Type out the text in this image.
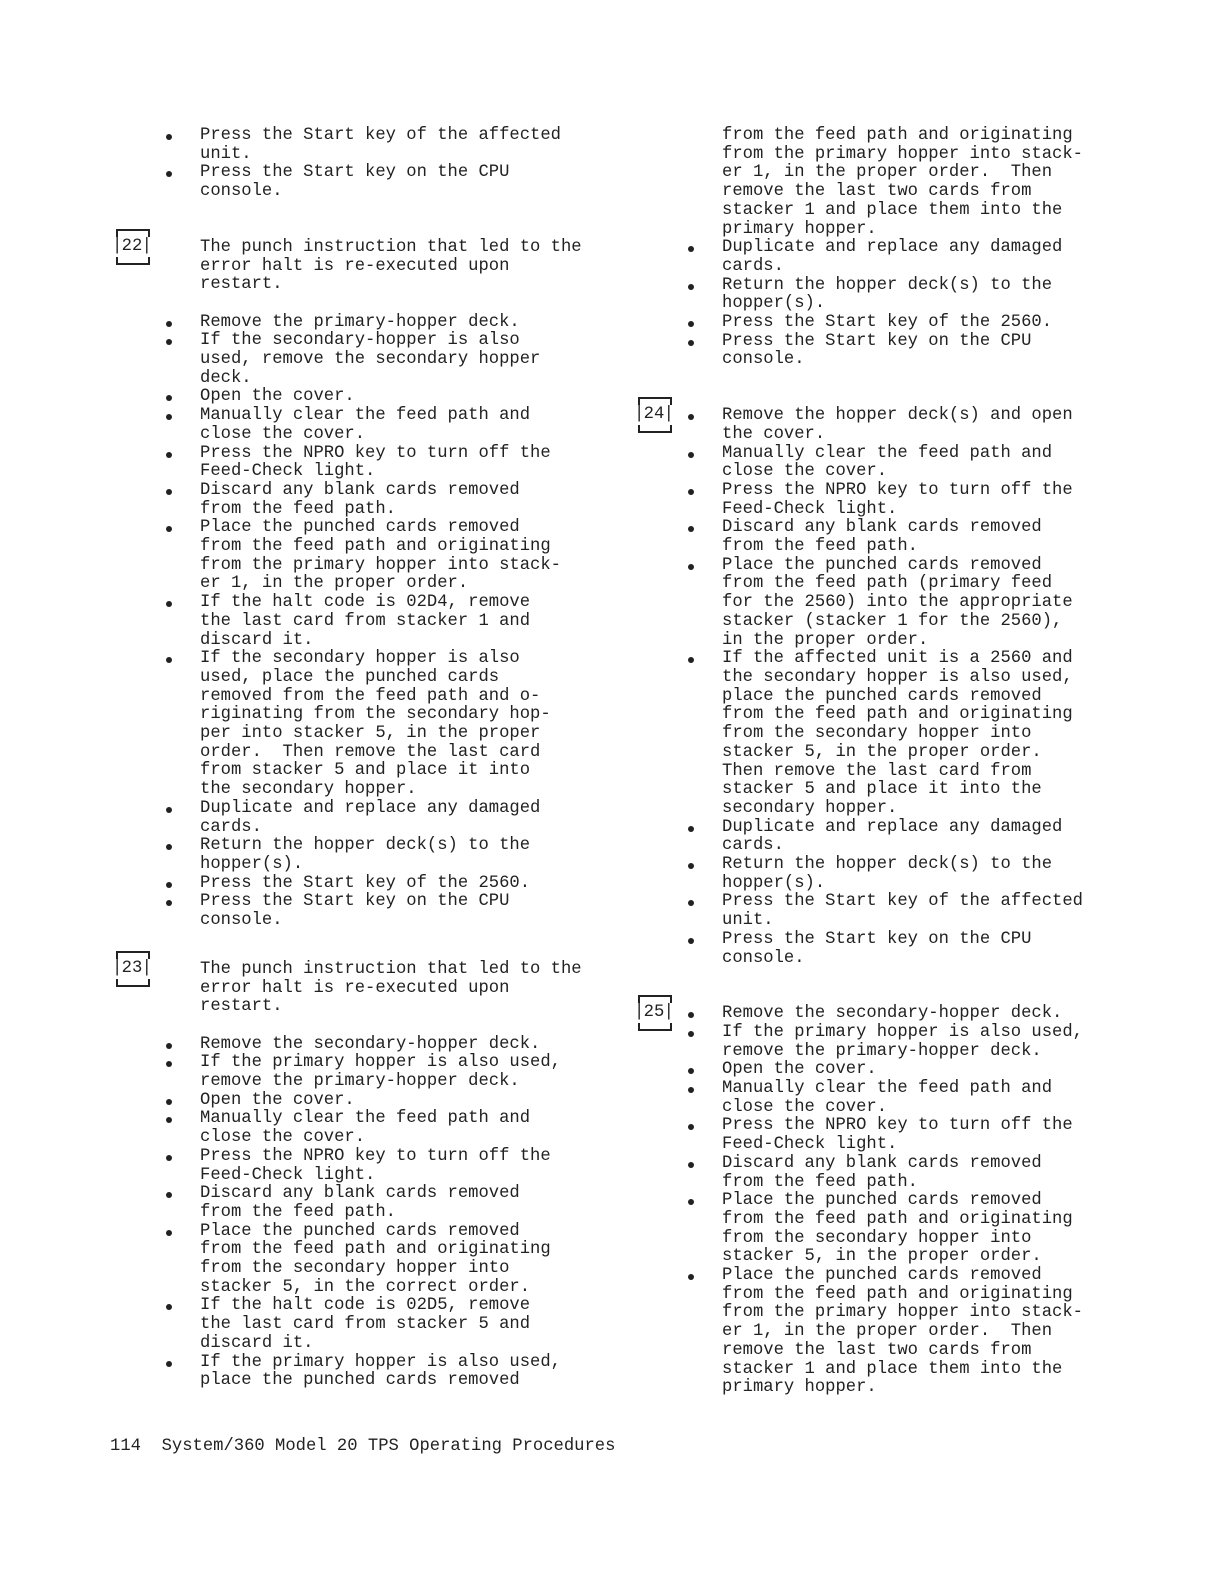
Press the Start key of the affected
unit.
Press the Start key on the CPU
console.
| 22 |	The punch instruction that led to the
error halt is re-executed upon
restart.
Remove the primary-hopper deck.
If the secondary-hopper is also
used, remove the secondary hopper
deck.
Open the cover.
Manually clear the feed path and
close the cover.
Press the NPRO key to turn off the
Feed-Check light.
Discard any blank cards removed
from the feed path.
Place the punched cards removed
from the feed path and originating
from the primary hopper into stack-
er 1, in the proper order.
If the halt code is 02D4, remove
the last card from stacker 1 and
discard it.
If the secondary hopper is also
used, place the punched cards
removed from the feed path and o-
riginating from the secondary hop-
per into stacker 5, in the proper
order.  Then remove the last card
from stacker 5 and place it into
the secondary hopper.
Duplicate and replace any damaged
cards.
Return the hopper deck(s) to the
hopper(s).
Press the Start key of the 2560.
Press the Start key on the CPU
console.
| 23 |	The punch instruction that led to the
error halt is re-executed upon
restart.
Remove the secondary-hopper deck.
If the primary hopper is also used,
remove the primary-hopper deck.
Open the cover.
Manually clear the feed path and
close the cover.
Press the NPRO key to turn off the
Feed-Check light.
Discard any blank cards removed
from the feed path.
Place the punched cards removed
from the feed path and originating
from the secondary hopper into
stacker 5, in the correct order.
If the halt code is 02D5, remove
the last card from stacker 5 and
discard it.
If the primary hopper is also used,
place the punched cards removed
from the feed path and originating
from the primary hopper into stack-
er 1, in the proper order.  Then
remove the last two cards from
stacker 1 and place them into the
primary hopper.
Duplicate and replace any damaged
cards.
Return the hopper deck(s) to the
hopper(s).
Press the Start key of the 2560.
Press the Start key on the CPU
console.
| 24 |	Remove the hopper deck(s) and open
the cover.
Manually clear the feed path and
close the cover.
Press the NPRO key to turn off the
Feed-Check light.
Discard any blank cards removed
from the feed path.
Place the punched cards removed
from the feed path (primary feed
for the 2560) into the appropriate
stacker (stacker 1 for the 2560),
in the proper order.
If the affected unit is a 2560 and
the secondary hopper is also used,
place the punched cards removed
from the feed path and originating
from the secondary hopper into
stacker 5, in the proper order.
Then remove the last card from
stacker 5 and place it into the
secondary hopper.
Duplicate and replace any damaged
cards.
Return the hopper deck(s) to the
hopper(s).
Press the Start key of the affected
unit.
Press the Start key on the CPU
console.
| 25 |	Remove the secondary-hopper deck.
If the primary hopper is also used,
remove the primary-hopper deck.
Open the cover.
Manually clear the feed path and
close the cover.
Press the NPRO key to turn off the
Feed-Check light.
Discard any blank cards removed
from the feed path.
Place the punched cards removed
from the feed path and originating
from the secondary hopper into
stacker 5, in the proper order.
Place the punched cards removed
from the feed path and originating
from the primary hopper into stack-
er 1, in the proper order.  Then
remove the last two cards from
stacker 1 and place them into the
primary hopper.
114 System/360 Model 20 TPS Operating Procedures
